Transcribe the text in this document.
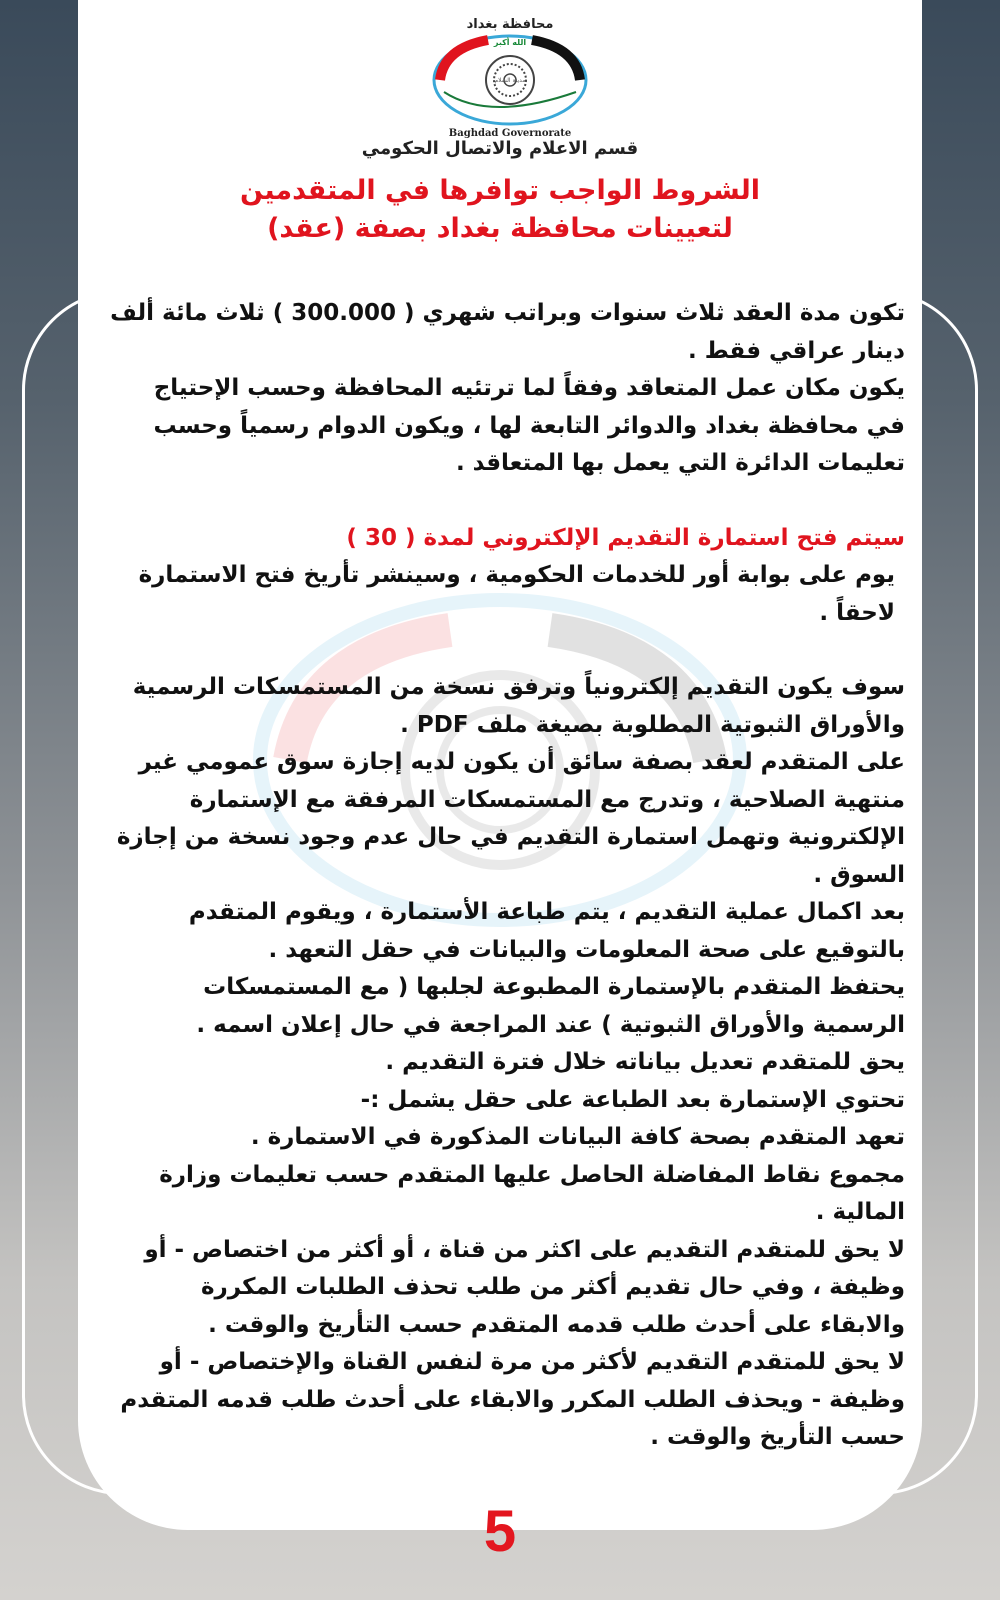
محافظة بغداد
الله أكبر
مدينة السلام
Baghdad Governorate
قسم الاعلام والاتصال الحكومي
الشروط الواجب توافرها في المتقدمين
لتعيينات محافظة بغداد بصفة (عقد)

تكون مدة العقد ثلاث سنوات وبراتب شهري ( 300.000 ) ثلاث مائة ألف دينار عراقي فقط .

يكون مكان عمل المتعاقد وفقاً لما ترتئيه المحافظة وحسب الإحتياج في محافظة بغداد والدوائر التابعة لها ، ويكون الدوام رسمياً وحسب تعليمات الدائرة التي يعمل بها المتعاقد .

سيتم فتح استمارة التقديم الإلكتروني لمدة ( 30 )

يوم على بوابة أور للخدمات الحكومية ، وسينشر تأريخ فتح الاستمارة لاحقاً .

سوف يكون التقديم إلكترونياً وترفق نسخة من المستمسكات الرسمية والأوراق الثبوتية المطلوبة بصيغة ملف PDF .

على المتقدم لعقد بصفة سائق أن يكون لديه إجازة سوق عمومي غير منتهية الصلاحية ، وتدرج مع المستمسكات المرفقة مع الإستمارة الإلكترونية وتهمل استمارة التقديم في حال عدم وجود نسخة من إجازة السوق .

بعد اكمال عملية التقديم ، يتم طباعة الأستمارة ، ويقوم المتقدم بالتوقيع على صحة المعلومات والبيانات في حقل التعهد .

يحتفظ المتقدم بالإستمارة المطبوعة لجلبها ( مع المستمسكات الرسمية والأوراق الثبوتية ) عند المراجعة في حال إعلان اسمه .

يحق للمتقدم تعديل بياناته خلال فترة التقديم .

تحتوي الإستمارة بعد الطباعة على حقل يشمل :-

تعهد المتقدم بصحة كافة البيانات المذكورة في الاستمارة .

مجموع نقاط المفاضلة الحاصل عليها المتقدم حسب تعليمات وزارة المالية .

لا يحق للمتقدم التقديم على اكثر من قناة ، أو أكثر من اختصاص - أو وظيفة ، وفي حال تقديم أكثر من طلب تحذف الطلبات المكررة والابقاء على أحدث طلب قدمه المتقدم حسب التأريخ والوقت .

لا يحق للمتقدم التقديم لأكثر من مرة لنفس القناة والإختصاص - أو وظيفة - ويحذف الطلب المكرر والابقاء على أحدث طلب قدمه المتقدم حسب التأريخ والوقت .

5
